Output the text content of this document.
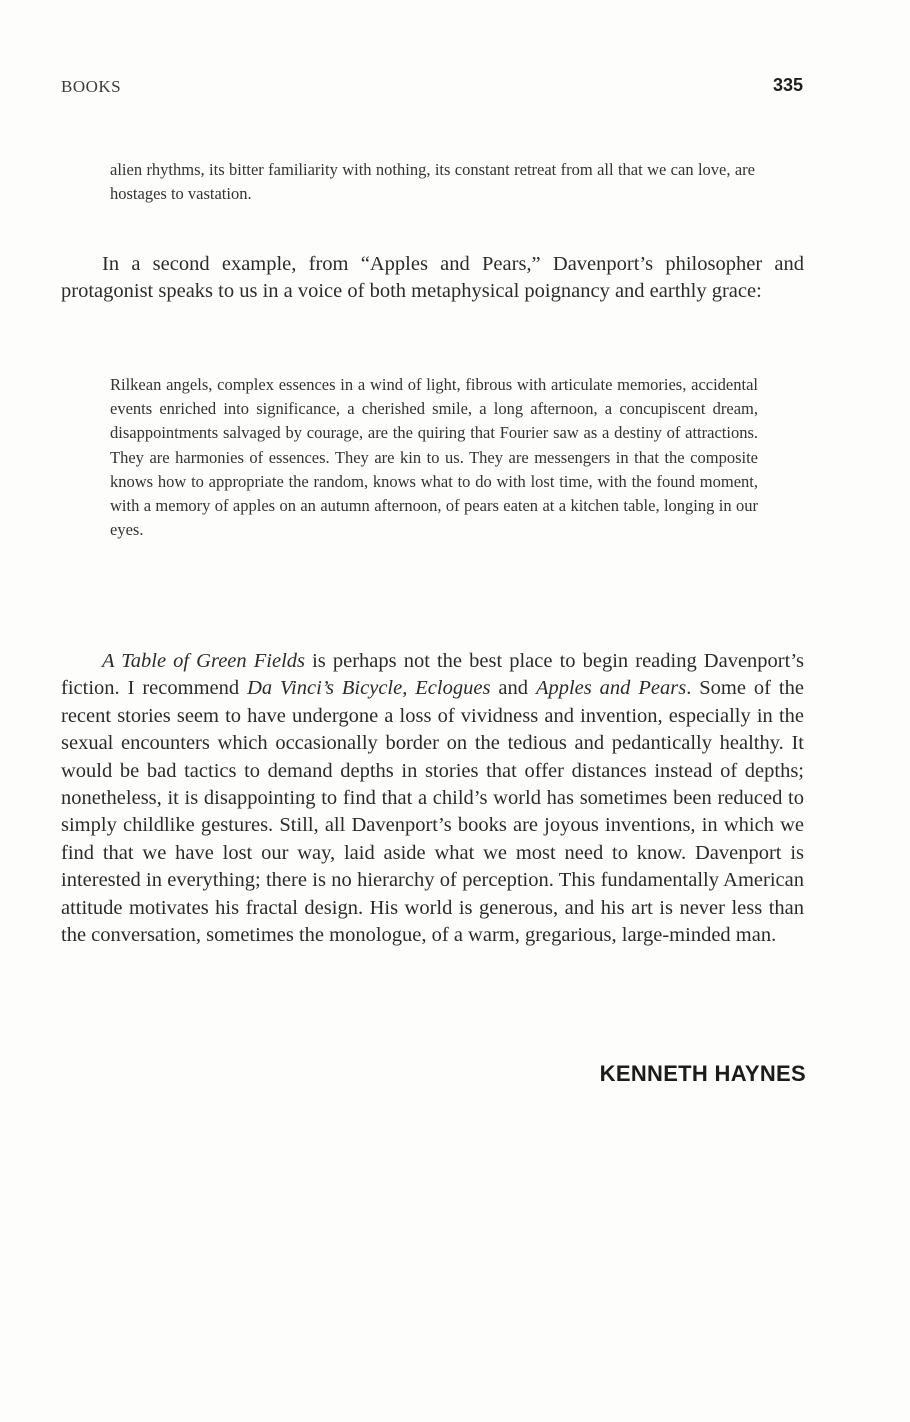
BOOKS	335
alien rhythms, its bitter familiarity with nothing, its constant retreat from all that we can love, are hostages to vastation.

In a second example, from “Apples and Pears,” Davenport’s philosopher and protagonist speaks to us in a voice of both metaphysical poignancy and earthly grace:

Rilkean angels, complex essences in a wind of light, fibrous with articulate memories, accidental events enriched into significance, a cherished smile, a long afternoon, a concupiscent dream, disappointments salvaged by courage, are the quiring that Fourier saw as a destiny of attractions. They are harmonies of essences. They are kin to us. They are messengers in that the composite knows how to appropriate the random, knows what to do with lost time, with the found moment, with a memory of apples on an autumn afternoon, of pears eaten at a kitchen table, longing in our eyes.

A Table of Green Fields is perhaps not the best place to begin reading Davenport’s fiction. I recommend Da Vinci’s Bicycle, Eclogues and Apples and Pears. Some of the recent stories seem to have undergone a loss of vividness and invention, especially in the sexual encounters which occasionally border on the tedious and pedantically healthy. It would be bad tactics to demand depths in stories that offer distances instead of depths; nonetheless, it is disappointing to find that a child’s world has sometimes been reduced to simply childlike gestures. Still, all Davenport’s books are joyous inventions, in which we find that we have lost our way, laid aside what we most need to know. Davenport is interested in everything; there is no hierarchy of perception. This fundamentally American attitude motivates his fractal design. His world is generous, and his art is never less than the conversation, sometimes the monologue, of a warm, gregarious, large-minded man.

KENNETH HAYNES
